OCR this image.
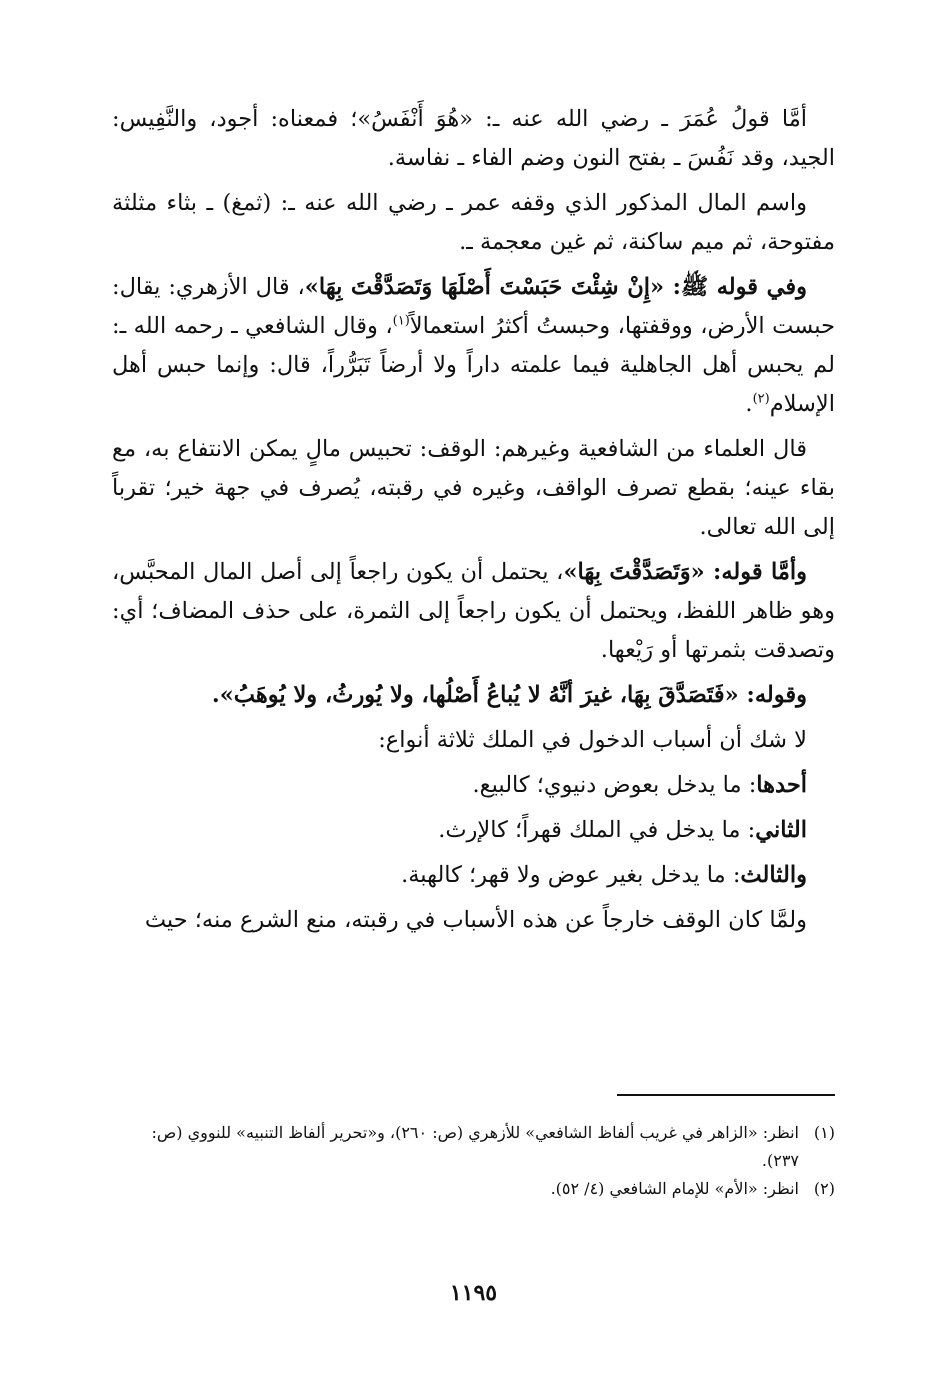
أمَّا قولُ عُمَرَ ـ رضي الله عنه ـ: «هُوَ أَنْفَسُ»؛ فمعناه: أجود، والنَّفِيس: الجيد، وقد نَفُسَ ـ بفتح النون وضم الفاء ـ نفاسة.

واسم المال المذكور الذي وقفه عمر ـ رضي الله عنه ـ: (ثمغ) ـ بثاء مثلثة مفتوحة، ثم ميم ساكنة، ثم غين معجمة ـ.

وفي قوله ﷺ: «إِنْ شِئْتَ حَبَسْتَ أَصْلَهَا وَتَصَدَّقْتَ بِهَا»، قال الأزهري: يقال: حبست الأرض، ووقفتها، وحبستُ أكثرُ استعمالاً$^{(١)}$، وقال الشافعي ـ رحمه الله ـ: لم يحبس أهل الجاهلية فيما علمته داراً ولا أرضاً تَبَرُّراً، قال: وإنما حبس أهل الإسلام$^{(٢)}$.

قال العلماء من الشافعية وغيرهم: الوقف: تحبيس مالٍ يمكن الانتفاع به، مع بقاء عينه؛ بقطع تصرف الواقف، وغيره في رقبته، يُصرف في جهة خير؛ تقرباً إلى الله تعالى.

وأمَّا قوله: «وَتَصَدَّقْتَ بِهَا»، يحتمل أن يكون راجعاً إلى أصل المال المحبَّس، وهو ظاهر اللفظ، ويحتمل أن يكون راجعاً إلى الثمرة، على حذف المضاف؛ أي: وتصدقت بثمرتها أو رَيْعها.

وقوله: «فَتَصَدَّقَ بِهَا، غيرَ أنَّهُ لا يُباعُ أَصْلُها، ولا يُورثُ، ولا يُوهَبُ».

لا شك أن أسباب الدخول في الملك ثلاثة أنواع:

أحدها: ما يدخل بعوض دنيوي؛ كالبيع.

الثاني: ما يدخل في الملك قهراً؛ كالإرث.

والثالث: ما يدخل بغير عوض ولا قهر؛ كالهبة.

ولمَّا كان الوقف خارجاً عن هذه الأسباب في رقبته، منع الشرع منه؛ حيث

(١)
انظر: «الزاهر في غريب ألفاظ الشافعي» للأزهري (ص: ٢٦٠)، و«تحرير ألفاظ التنبيه» للنووي (ص: ٢٣٧).
(٢)
انظر: «الأم» للإمام الشافعي (٤/ ٥٢).
١١٩٥
